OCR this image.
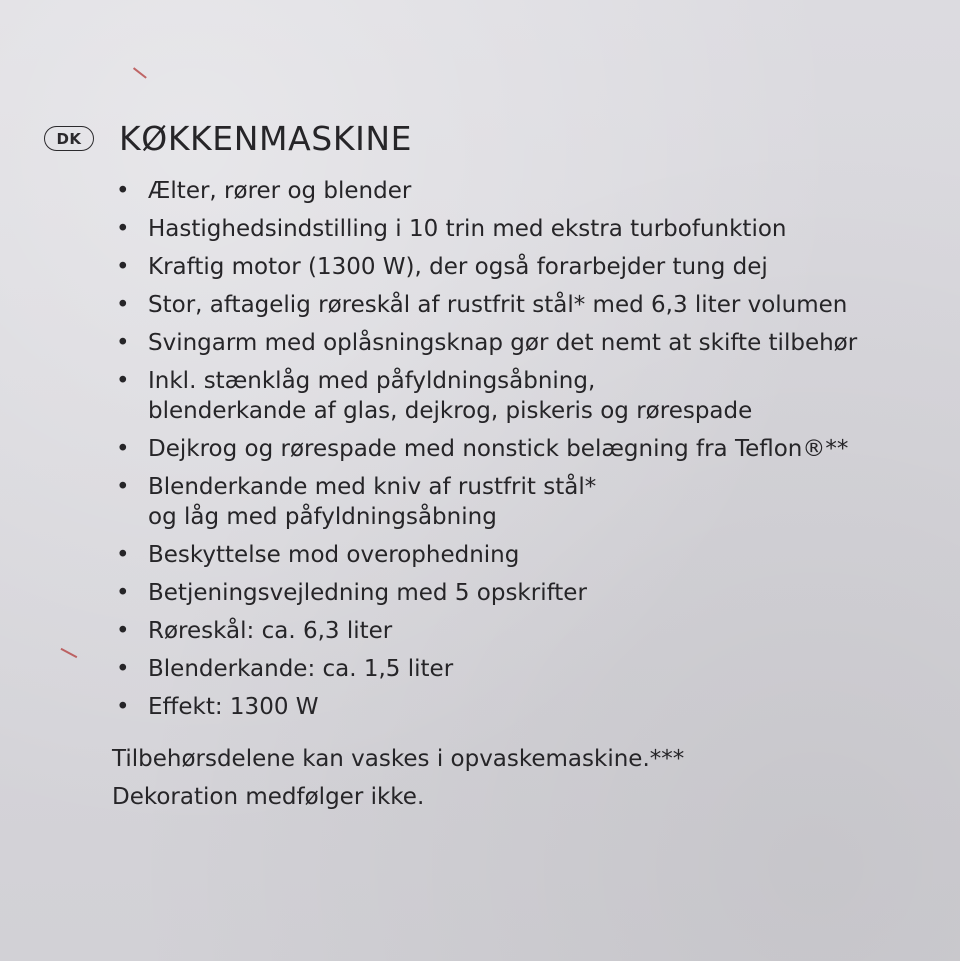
DK	KØKKENMASKINE
• Ælter, rører og blender
• Hastighedsindstilling i 10 trin med ekstra turbofunktion
• Kraftig motor (1300 W), der også forarbejder tung dej
• Stor, aftagelig røreskål af rustfrit stål* med 6,3 liter volumen
• Svingarm med oplåsningsknap gør det nemt at skifte tilbehør
• Inkl. stænklåg med påfyldningsåbning,
blenderkande af glas, dejkrog, piskeris og rørespade
• Dejkrog og rørespade med nonstick belægning fra Teflon®**
• Blenderkande med kniv af rustfrit stål*
og låg med påfyldningsåbning
• Beskyttelse mod overophedning
• Betjeningsvejledning med 5 opskrifter
• Røreskål: ca. 6,3 liter
• Blenderkande: ca. 1,5 liter
• Effekt: 1300 W
Tilbehørsdelene kan vaskes i opvaskemaskine.***
Dekoration medfølger ikke.
